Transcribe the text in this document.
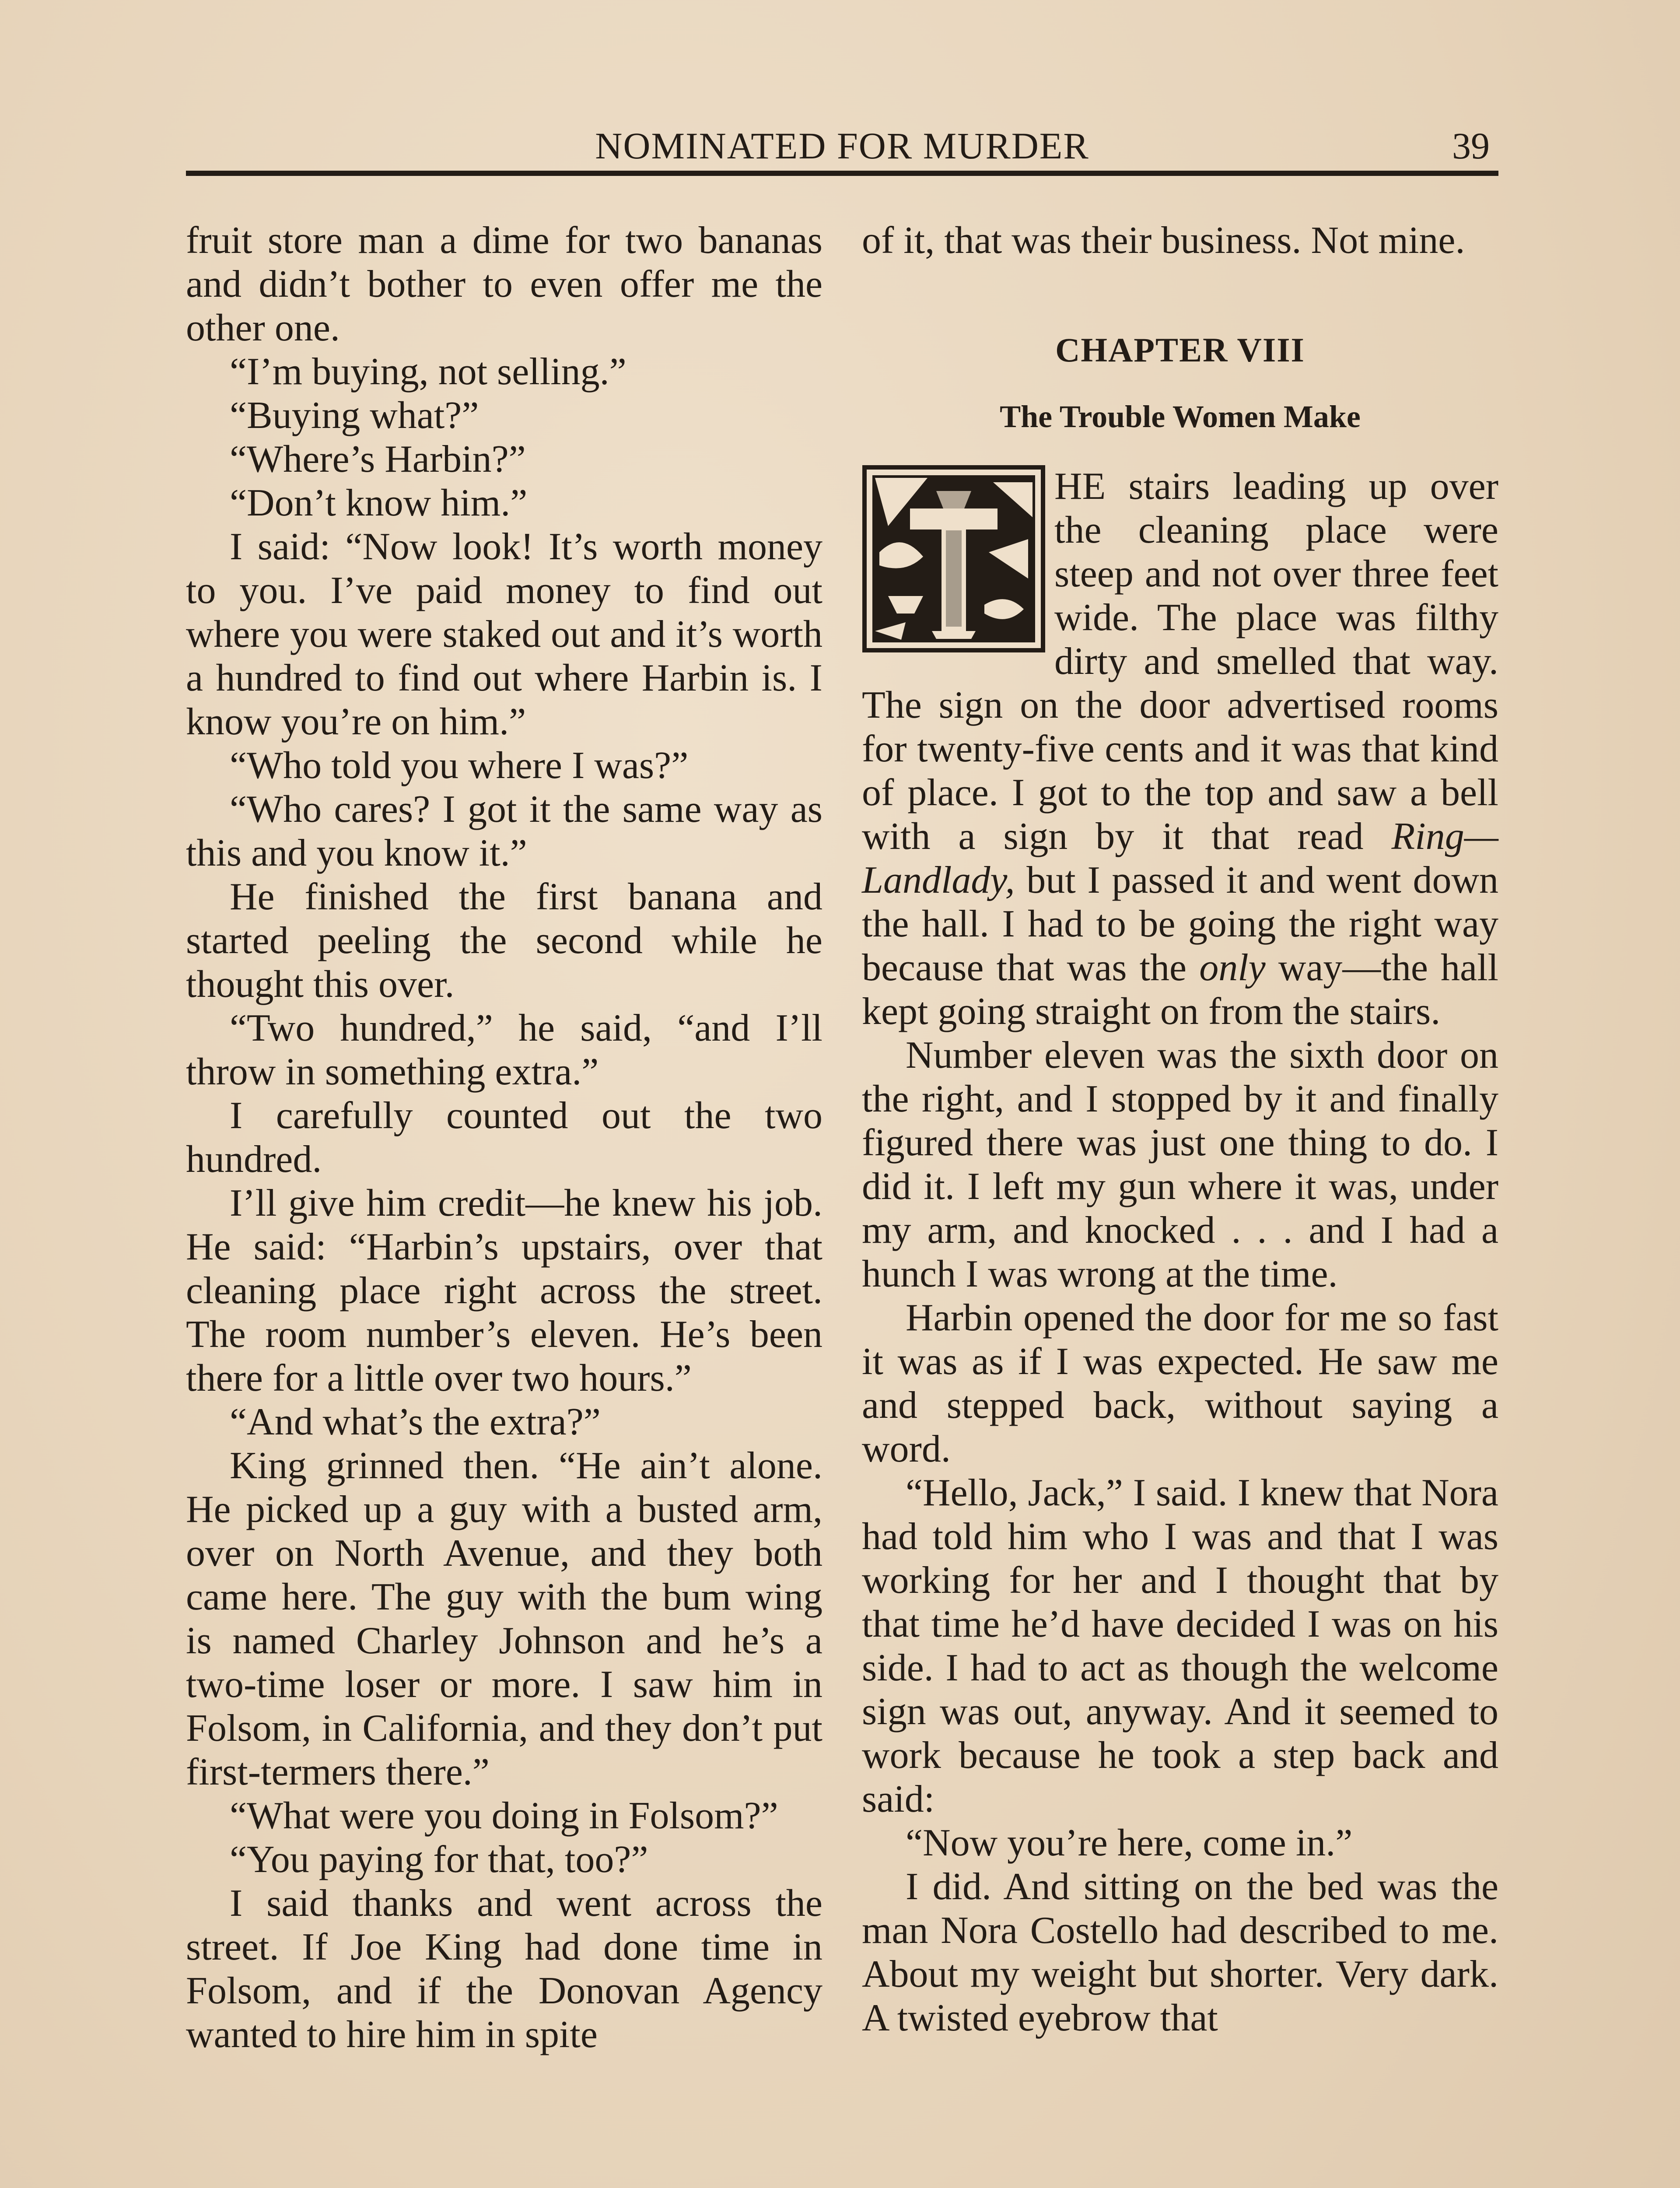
NOMINATED FOR MURDER	39

fruit store man a dime for two bananas and didn’t bother to even offer me the other one.

“I’m buying, not selling.”

“Buying what?”

“Where’s Harbin?”

“Don’t know him.”

I said: “Now look! It’s worth money to you. I’ve paid money to find out where you were staked out and it’s worth a hundred to find out where Harbin is. I know you’re on him.”

“Who told you where I was?”

“Who cares? I got it the same way as this and you know it.”

He finished the first banana and started peeling the second while he thought this over.

“Two hundred,” he said, “and I’ll throw in something extra.”

I carefully counted out the two hundred.

I’ll give him credit—he knew his job. He said: “Harbin’s upstairs, over that cleaning place right across the street. The room number’s eleven. He’s been there for a little over two hours.”

“And what’s the extra?”

King grinned then. “He ain’t alone. He picked up a guy with a busted arm, over on North Avenue, and they both came here. The guy with the bum wing is named Charley Johnson and he’s a two-time loser or more. I saw him in Folsom, in California, and they don’t put first-termers there.”

“What were you doing in Folsom?”

“You paying for that, too?”

I said thanks and went across the street. If Joe King had done time in Folsom, and if the Donovan Agency wanted to hire him in spite

of it, that was their business. Not mine.

CHAPTER VIII
The Trouble Women Make

HE stairs leading up over the cleaning place were steep and not over three feet wide. The place was filthy dirty and smelled that way. The sign on the door advertised rooms for twenty-five cents and it was that kind of place. I got to the top and saw a bell with a sign by it that read Ring—Landlady, but I passed it and went down the hall. I had to be going the right way because that was the only way—the hall kept going straight on from the stairs.

Number eleven was the sixth door on the right, and I stopped by it and finally figured there was just one thing to do. I did it. I left my gun where it was, under my arm, and knocked . . . and I had a hunch I was wrong at the time.

Harbin opened the door for me so fast it was as if I was expected. He saw me and stepped back, without saying a word.

“Hello, Jack,” I said. I knew that Nora had told him who I was and that I was working for her and I thought that by that time he’d have decided I was on his side. I had to act as though the welcome sign was out, anyway. And it seemed to work because he took a step back and said:

“Now you’re here, come in.”

I did. And sitting on the bed was the man Nora Costello had described to me. About my weight but shorter. Very dark. A twisted eyebrow that
